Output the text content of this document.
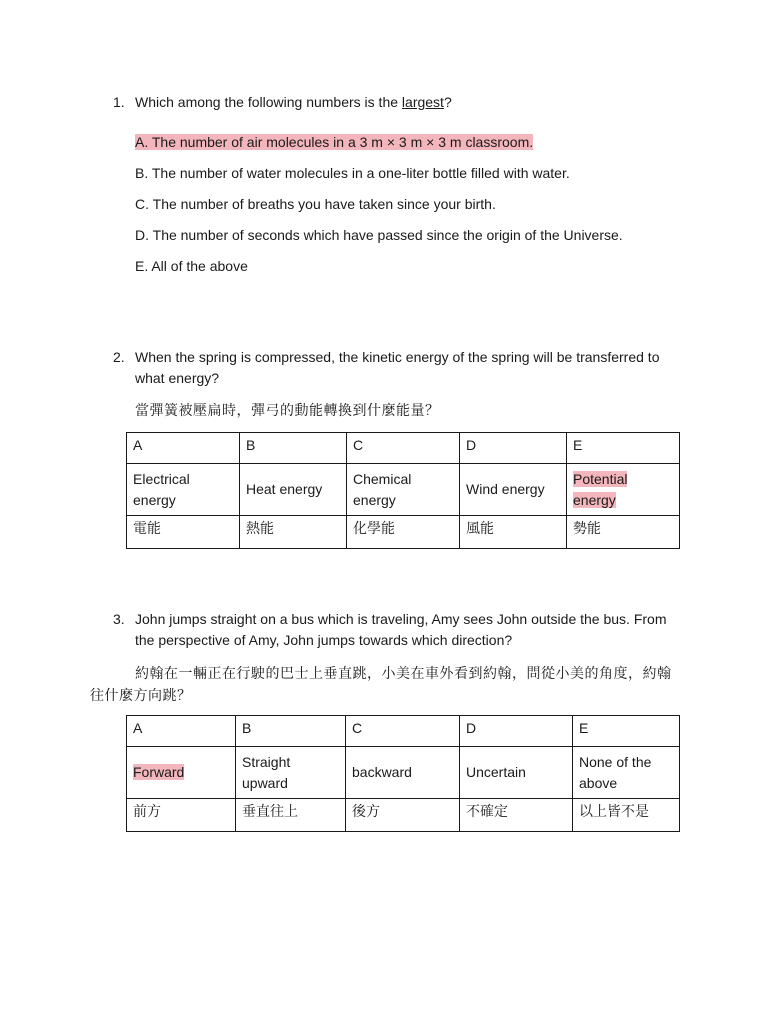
1. Which among the following numbers is the largest?
A. The number of air molecules in a 3 m × 3 m × 3 m classroom.
B. The number of water molecules in a one-liter bottle filled with water.
C. The number of breaths you have taken since your birth.
D. The number of seconds which have passed since the origin of the Universe.
E. All of the above
2. When the spring is compressed, the kinetic energy of the spring will be transferred to what energy?
當彈簧被壓扁時，彈弓的動能轉換到什麼能量？
A	B	C	D	E
Electrical energy	Heat energy	Chemical energy	Wind energy	Potential energy
電能	熱能	化學能	風能	勢能
3. John jumps straight on a bus which is traveling, Amy sees John outside the bus. From the perspective of Amy, John jumps towards which direction?
約翰在一輛正在行駛的巴士上垂直跳，小美在車外看到約翰，問從小美的角度，約翰往什麼方向跳？
A	B	C	D	E
Forward	Straight upward	backward	Uncertain	None of the above
前方	垂直往上	後方	不確定	以上皆不是
